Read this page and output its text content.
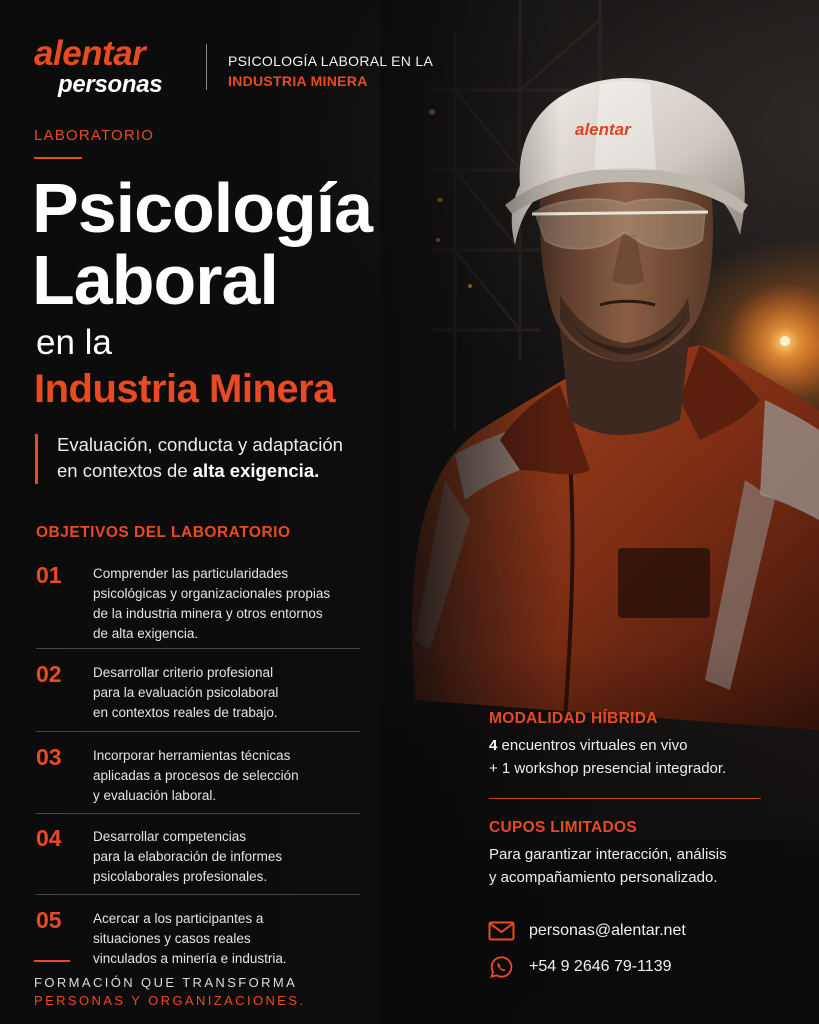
alentar
alentar
personas
PSICOLOGÍA LABORAL EN LA
INDUSTRIA MINERA
LABORATORIO
Psicología
Laboral
en la
Industria Minera
Evaluación, conducta y adaptación
en contextos de alta exigencia.
OBJETIVOS DEL LABORATORIO
01 Comprender las particularidades
psicológicas y organizacionales propias
de la industria minera y otros entornos
de alta exigencia.
02 Desarrollar criterio profesional
para la evaluación psicolaboral
en contextos reales de trabajo.
03 Incorporar herramientas técnicas
aplicadas a procesos de selección
y evaluación laboral.
04 Desarrollar competencias
para la elaboración de informes
psicolaborales profesionales.
05 Acercar a los participantes a
situaciones y casos reales
vinculados a minería e industria.
FORMACIÓN QUE TRANSFORMA
PERSONAS Y ORGANIZACIONES.
MODALIDAD HÍBRIDA
4 encuentros virtuales en vivo
+ 1 workshop presencial integrador.
CUPOS LIMITADOS
Para garantizar interacción, análisis
y acompañamiento personalizado.
personas@alentar.net
+54 9 2646 79-1139
